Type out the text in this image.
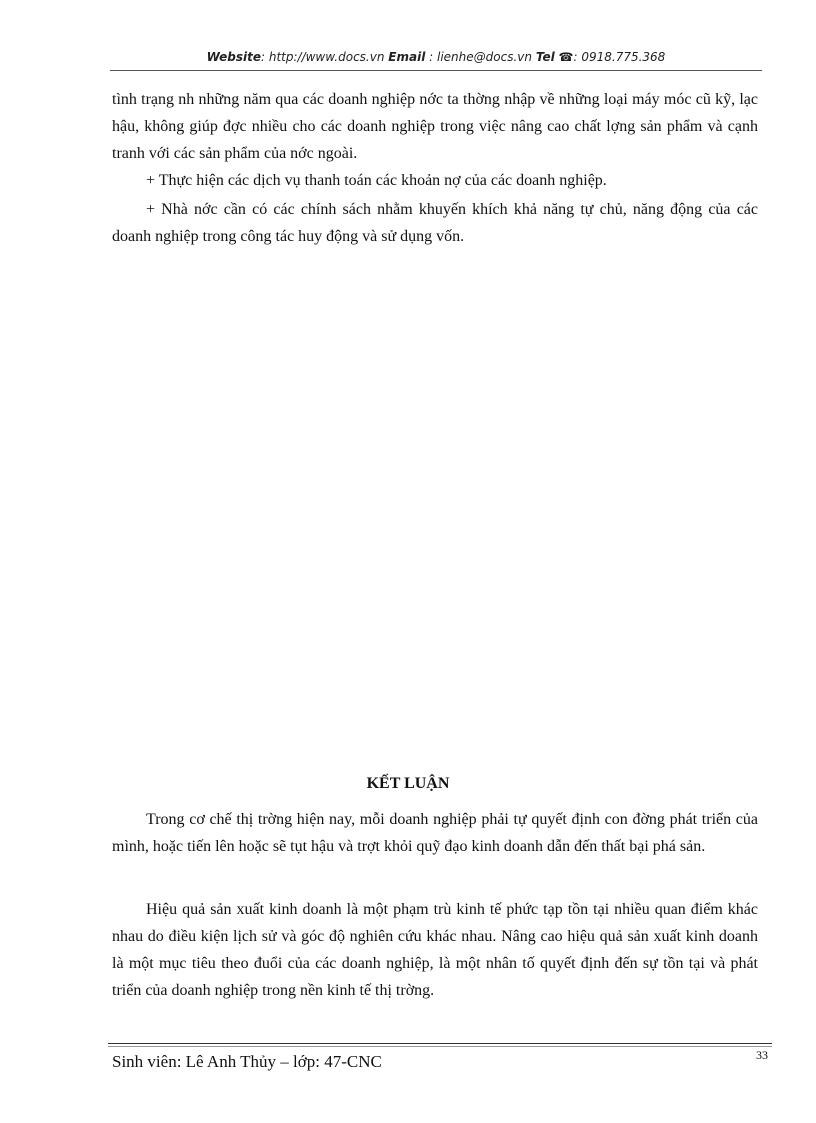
Website: http://www.docs.vn Email : lienhe@docs.vn Tel ☎: 0918.775.368

tình trạng nh những năm qua các doanh nghiệp nớc ta thờng nhập về những loại máy móc cũ kỹ, lạc hậu, không giúp đợc nhiều cho các doanh nghiệp trong việc nâng cao chất lợng sản phẩm và cạnh tranh với các sản phẩm của nớc ngoài.

+ Thực hiện các dịch vụ thanh toán các khoản nợ của các doanh nghiệp.

+ Nhà nớc cần có các chính sách nhằm khuyến khích khả năng tự chủ, năng động của các doanh nghiệp trong công tác huy động và sử dụng vốn.

KẾT LUẬN

Trong cơ chế thị trờng hiện nay, mỗi doanh nghiệp phải tự quyết định con đờng phát triển của mình, hoặc tiến lên hoặc sẽ tụt hậu và trợt khỏi quỹ đạo kinh doanh dẫn đến thất bại phá sản.

Hiệu quả sản xuất kinh doanh là một phạm trù kinh tế phức tạp tồn tại nhiều quan điểm khác nhau do điều kiện lịch sử và góc độ nghiên cứu khác nhau. Nâng cao hiệu quả sản xuất kinh doanh là một mục tiêu theo đuổi của các doanh nghiệp, là một nhân tố quyết định đến sự tồn tại và phát triển của doanh nghiệp trong nền kinh tế thị trờng.

Sinh viên: Lê Anh Thủy – lớp: 47-CNC	33
